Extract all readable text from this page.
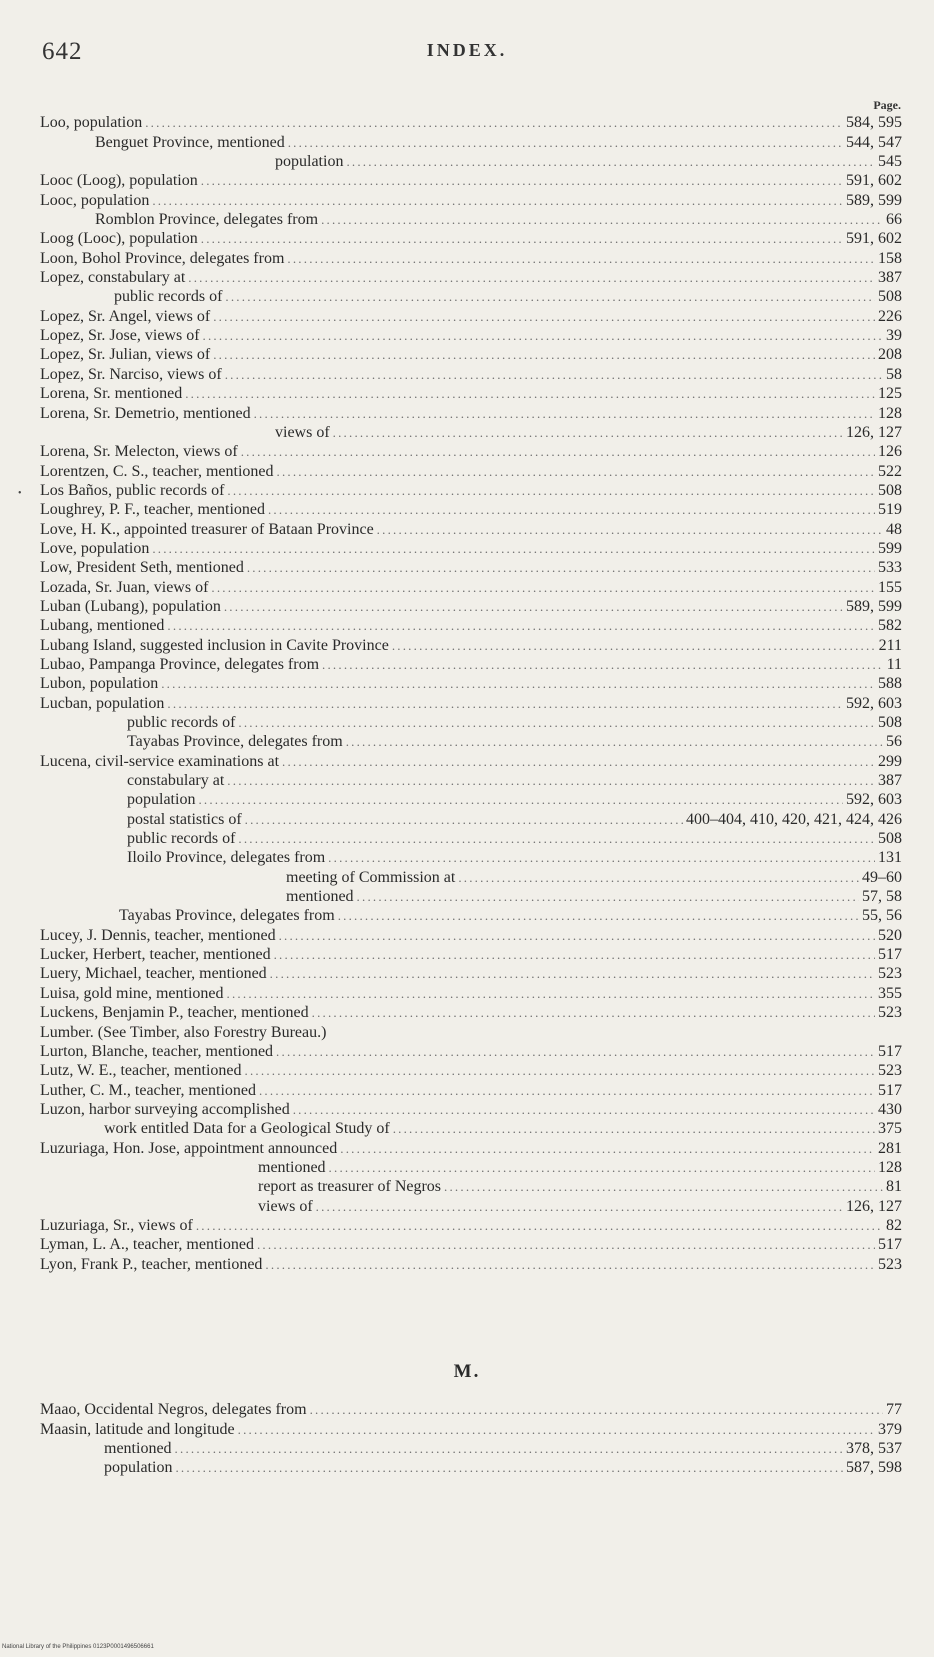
642	INDEX.
Page.
•
Loo, population .....	584, 595
Benguet Province, mentioned .....	544, 547
population .....	545
Looc (Loog), population .....	591, 602
Looc, population .....	589, 599
Romblon Province, delegates from .....	66
Loog (Looc), population .....	591, 602
Loon, Bohol Province, delegates from .....	158
Lopez, constabulary at .....	387
public records of .....	508
Lopez, Sr. Angel, views of .....	226
Lopez, Sr. Jose, views of .....	39
Lopez, Sr. Julian, views of .....	208
Lopez, Sr. Narciso, views of .....	58
Lorena, Sr. mentioned .....	125
Lorena, Sr. Demetrio, mentioned .....	128
views of .....	126, 127
Lorena, Sr. Melecton, views of .....	126
Lorentzen, C. S., teacher, mentioned .....	522
Los Baños, public records of .....	508
Loughrey, P. F., teacher, mentioned .....	519
Love, H. K., appointed treasurer of Bataan Province .....	48
Love, population .....	599
Low, President Seth, mentioned .....	533
Lozada, Sr. Juan, views of .....	155
Luban (Lubang), population .....	589, 599
Lubang, mentioned .....	582
Lubang Island, suggested inclusion in Cavite Province .....	211
Lubao, Pampanga Province, delegates from .....	11
Lubon, population .....	588
Lucban, population .....	592, 603
public records of .....	508
Tayabas Province, delegates from .....	56
Lucena, civil-service examinations at .....	299
constabulary at .....	387
population .....	592, 603
postal statistics of .....	400–404, 410, 420, 421, 424, 426
public records of .....	508
Iloilo Province, delegates from .....	131
meeting of Commission at .....	49–60
mentioned .....	57, 58
Tayabas Province, delegates from .....	55, 56
Lucey, J. Dennis, teacher, mentioned .....	520
Lucker, Herbert, teacher, mentioned .....	517
Luery, Michael, teacher, mentioned .....	523
Luisa, gold mine, mentioned .....	355
Luckens, Benjamin P., teacher, mentioned .....	523
Lumber. (See Timber, also Forestry Bureau.)
Lurton, Blanche, teacher, mentioned .....	517
Lutz, W. E., teacher, mentioned .....	523
Luther, C. M., teacher, mentioned .....	517
Luzon, harbor surveying accomplished .....	430
work entitled Data for a Geological Study of .....	375
Luzuriaga, Hon. Jose, appointment announced .....	281
mentioned .....	128
report as treasurer of Negros .....	81
views of .....	126, 127
Luzuriaga, Sr., views of .....	82
Lyman, L. A., teacher, mentioned .....	517
Lyon, Frank P., teacher, mentioned .....	523
M.
Maao, Occidental Negros, delegates from .....	77
Maasin, latitude and longitude .....	379
mentioned .....	378, 537
population .....	587, 598
National Library of the Philippines 0123P0001496506661
